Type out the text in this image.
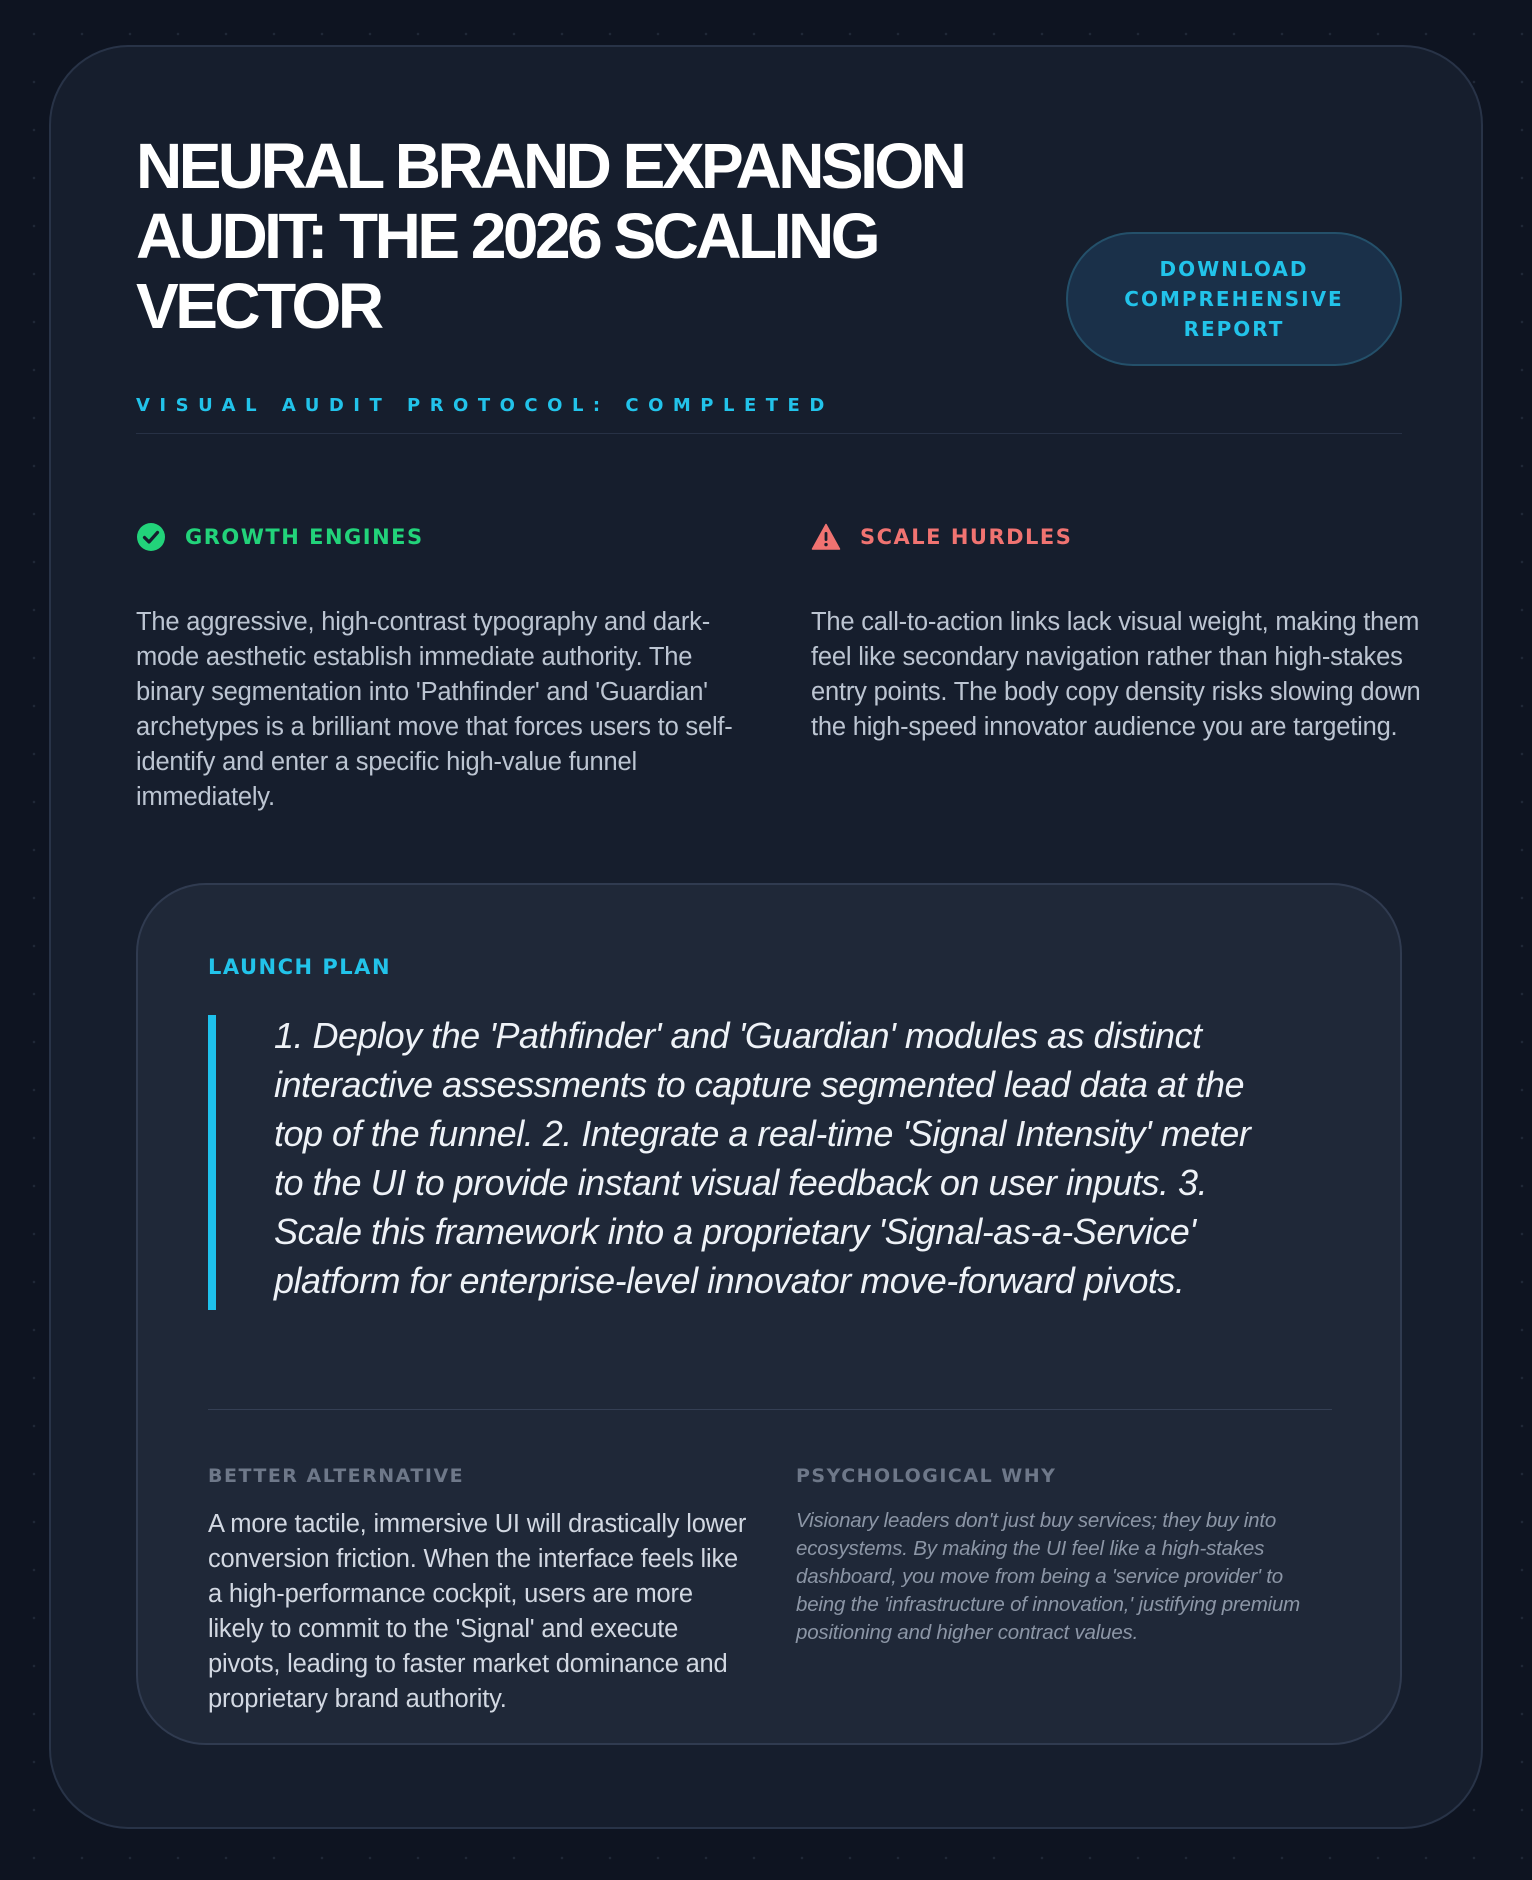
NEURAL BRAND EXPANSION AUDIT: THE 2026 SCALING VECTOR
VISUAL AUDIT PROTOCOL: COMPLETED
DOWNLOAD COMPREHENSIVE REPORT
GROWTH ENGINES

The aggressive, high-contrast typography and dark-mode aesthetic establish immediate authority. The binary segmentation into 'Pathfinder' and 'Guardian' archetypes is a brilliant move that forces users to self-identify and enter a specific high-value funnel immediately.

SCALE HURDLES

The call-to-action links lack visual weight, making them feel like secondary navigation rather than high-stakes entry points. The body copy density risks slowing down the high-speed innovator audience you are targeting.

LAUNCH PLAN
1. Deploy the 'Pathfinder' and 'Guardian' modules as distinct interactive assessments to capture segmented lead data at the top of the funnel. 2. Integrate a real-time 'Signal Intensity' meter to the UI to provide instant visual feedback on user inputs. 3. Scale this framework into a proprietary 'Signal-as-a-Service' platform for enterprise-level innovator move-forward pivots.
BETTER ALTERNATIVE

A more tactile, immersive UI will drastically lower conversion friction. When the interface feels like a high-performance cockpit, users are more likely to commit to the 'Signal' and execute pivots, leading to faster market dominance and proprietary brand authority.

PSYCHOLOGICAL WHY

Visionary leaders don't just buy services; they buy into ecosystems. By making the UI feel like a high-stakes dashboard, you move from being a 'service provider' to being the 'infrastructure of innovation,' justifying premium positioning and higher contract values.
